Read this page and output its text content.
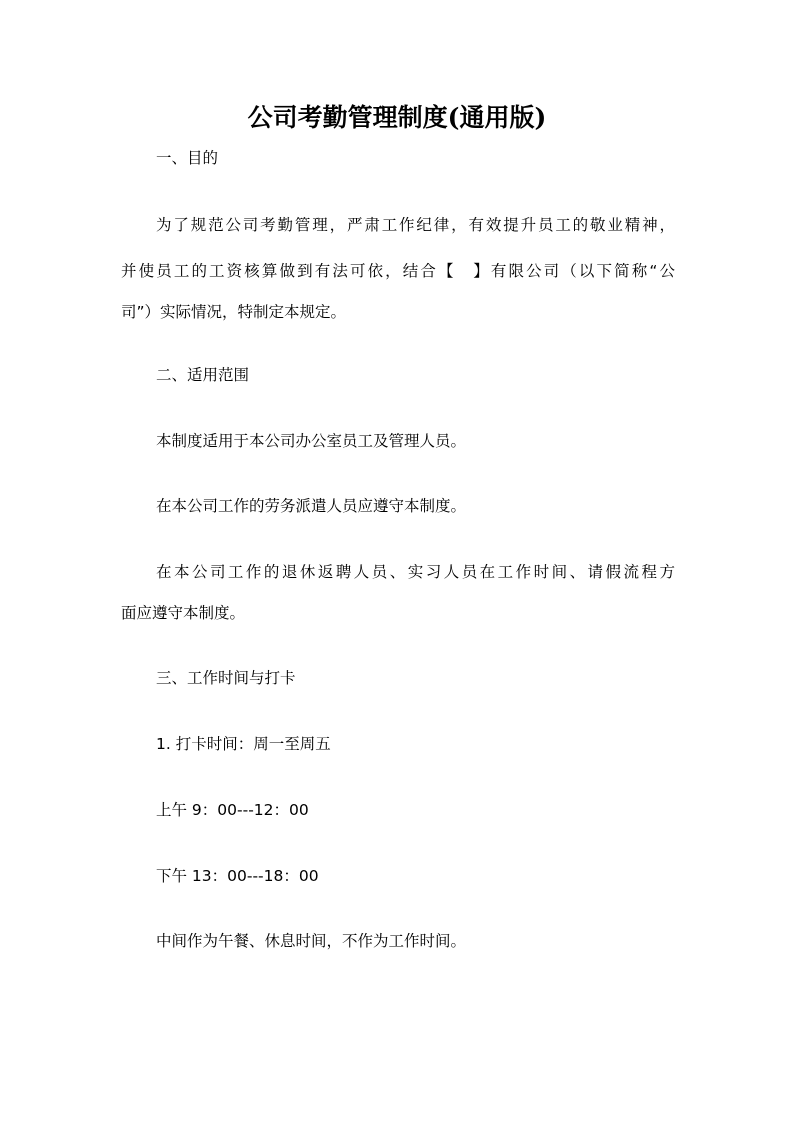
公司考勤管理制度(通用版)
一、目的
为了规范公司考勤管理，严肃工作纪律，有效提升员工的敬业精神，
并使员工的工资核算做到有法可依，结合【　】有限公司（以下简称“公
司”）实际情况，特制定本规定。
二、适用范围
本制度适用于本公司办公室员工及管理人员。
在本公司工作的劳务派遣人员应遵守本制度。
在本公司工作的退休返聘人员、实习人员在工作时间、请假流程方
面应遵守本制度。
三、工作时间与打卡
1. 打卡时间：周一至周五
上午 9：00---12：00
下午 13：00---18：00
中间作为午餐、休息时间，不作为工作时间。
